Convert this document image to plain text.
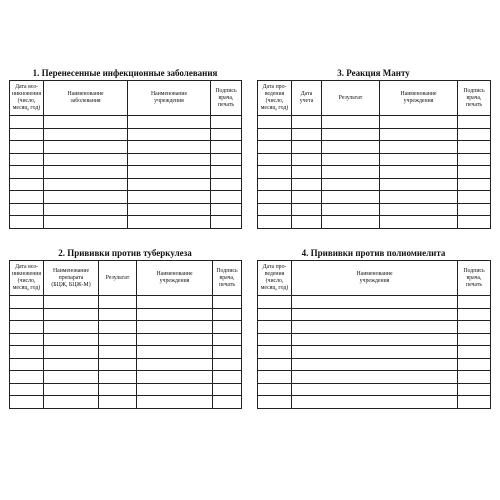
1. Перенесенные инфекционные заболевания
Дата воз-
никновения
(число,
месяц, год)	Наименование
заболевания	Наименование
учреждения	Подпись
врача,
печать

3. Реакция Манту
Дата про-
ведения
(число,
месяц, год)	Дата
учета	Результат	Наименование
учреждения	Подпись
врача,
печать

2. Прививки против туберкулеза
Дата воз-
никновения
(число,
месяц, год)	Наименование
препарата
(БЦЖ, БЦЖ-М)	Результат	Наименование
учреждения	Подпись
врача,
печать

4. Прививки против полиомиелита
Дата про-
ведения
(число,
месяц, год)	Наименование
учреждения	Подпись
врача,
печать
